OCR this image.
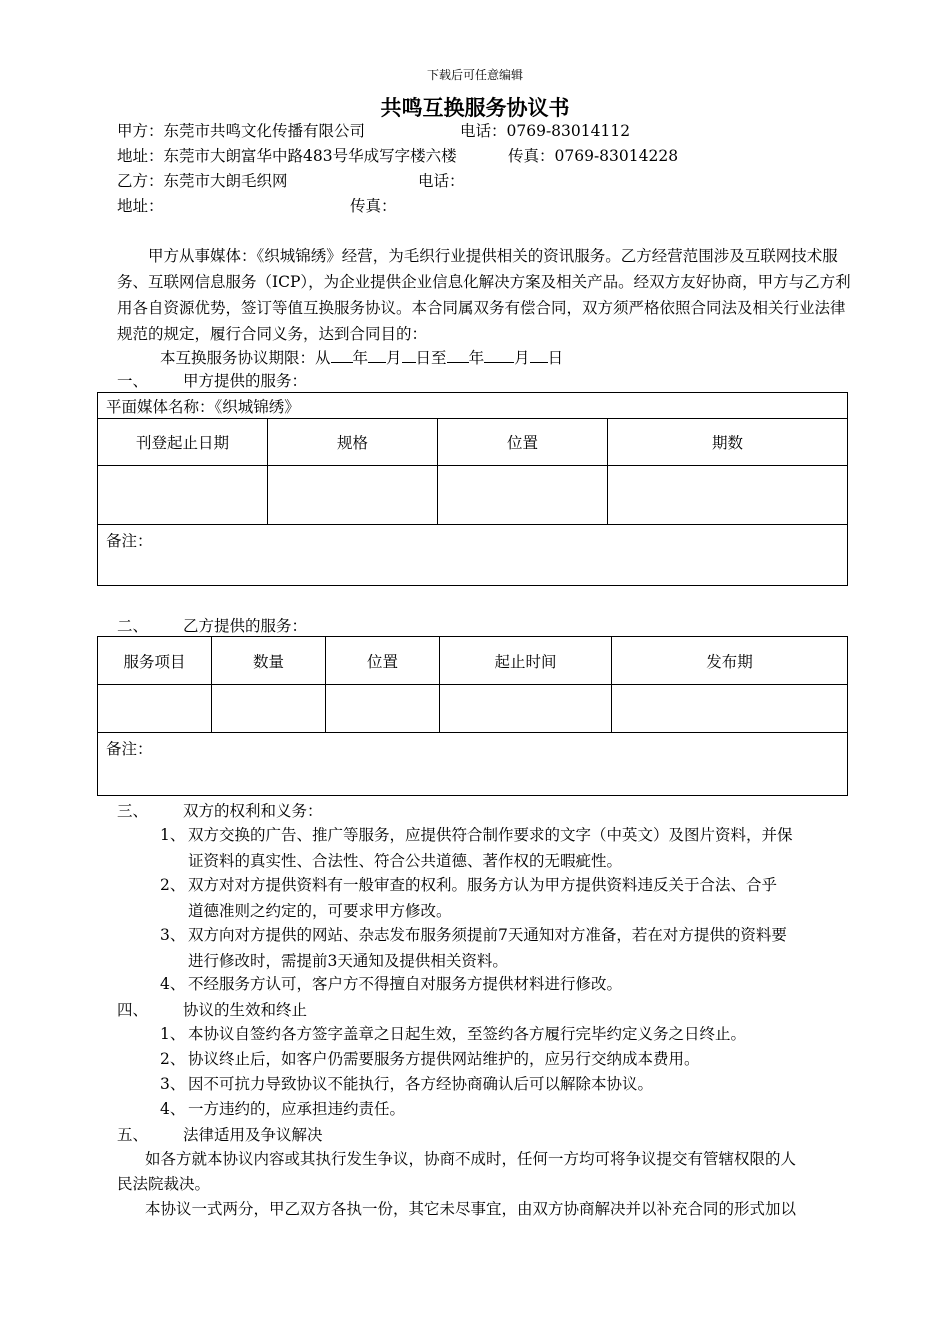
下载后可任意编辑
共鸣互换服务协议书
甲方：东莞市共鸣文化传播有限公司	电话：0769-83014112
地址：东莞市大朗富华中路483号华成写字楼六楼	传真：0769-83014228
乙方：东莞市大朗毛织网	电话：
地址：	传真：
甲方从事媒体：《织城锦绣》经营，为毛织行业提供相关的资讯服务。乙方经营范围涉及互联网技术服务、互联网信息服务（ICP），为企业提供企业信息化解决方案及相关产品。经双方友好协商，甲方与乙方利用各自资源优势，签订等值互换服务协议。本合同属双务有偿合同，双方须严格依照合同法及相关行业法律规范的规定，履行合同义务，达到合同目的：
本互换服务协议期限：从 年 月 日至 年 月 日
一、 甲方提供的服务：
平面媒体名称：《织城锦绣》			
刊登起止日期	规格	位置	期数

备注：			
二、 乙方提供的服务：
服务项目	数量	位置	起止时间	发布期

备注：				
三、 双方的权利和义务：
1、 双方交换的广告、推广等服务，应提供符合制作要求的文字（中英文）及图片资料，并保
证资料的真实性、合法性、符合公共道德、著作权的无暇疵性。
2、 双方对对方提供资料有一般审查的权利。服务方认为甲方提供资料违反关于合法、合乎
道德准则之约定的，可要求甲方修改。
3、 双方向对方提供的网站、杂志发布服务须提前7天通知对方准备，若在对方提供的资料要
进行修改时，需提前3天通知及提供相关资料。
4、 不经服务方认可，客户方不得擅自对服务方提供材料进行修改。
四、 协议的生效和终止
1、 本协议自签约各方签字盖章之日起生效，至签约各方履行完毕约定义务之日终止。
2、 协议终止后，如客户仍需要服务方提供网站维护的，应另行交纳成本费用。
3、 因不可抗力导致协议不能执行，各方经协商确认后可以解除本协议。
4、 一方违约的，应承担违约责任。
五、 法律适用及争议解决
如各方就本协议内容或其执行发生争议，协商不成时，任何一方均可将争议提交有管辖权限的人
民法院裁决。
本协议一式两分，甲乙双方各执一份，其它未尽事宜，由双方协商解决并以补充合同的形式加以
